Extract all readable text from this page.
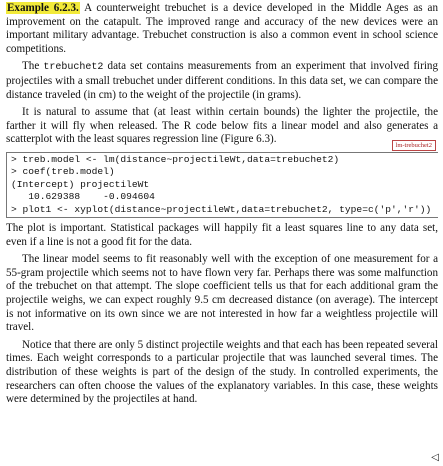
Example 6.2.3. A counterweight trebuchet is a device developed in the Middle Ages as an improvement on the catapult. The improved range and accuracy of the new devices were an important military advantage. Trebuchet construction is also a common event in school science competitions.

The trebuchet2 data set contains measurements from an experiment that involved firing projectiles with a small trebuchet under different conditions. In this data set, we can compare the distance traveled (in cm) to the weight of the projectile (in grams).

It is natural to assume that (at least within certain bounds) the lighter the projectile, the farther it will fly when released. The R code below fits a linear model and also generates a scatterplot with the least squares regression line (Figure 6.3).

lm-trebuchet2
> treb.model <- lm(distance~projectileWt,data=trebuchet2)
> coef(treb.model)
(Intercept) projectileWt
10.629388    -0.094604
> plot1 <- xyplot(distance~projectileWt,data=trebuchet2, type=c('p','r'))

The plot is important. Statistical packages will happily fit a least squares line to any data set, even if a line is not a good fit for the data.

The linear model seems to fit reasonably well with the exception of one measurement for a 55-gram projectile which seems not to have flown very far. Perhaps there was some malfunction of the trebuchet on that attempt. The slope coefficient tells us that for each additional gram the projectile weighs, we can expect roughly 9.5 cm decreased distance (on average). The intercept is not informative on its own since we are not interested in how far a weightless projectile will travel.

Notice that there are only 5 distinct projectile weights and that each has been repeated several times. Each weight corresponds to a particular projectile that was launched several times. The distribution of these weights is part of the design of the study. In controlled experiments, the researchers can often choose the values of the explanatory variables. In this case, these weights were determined by the projectiles at hand.

◁
